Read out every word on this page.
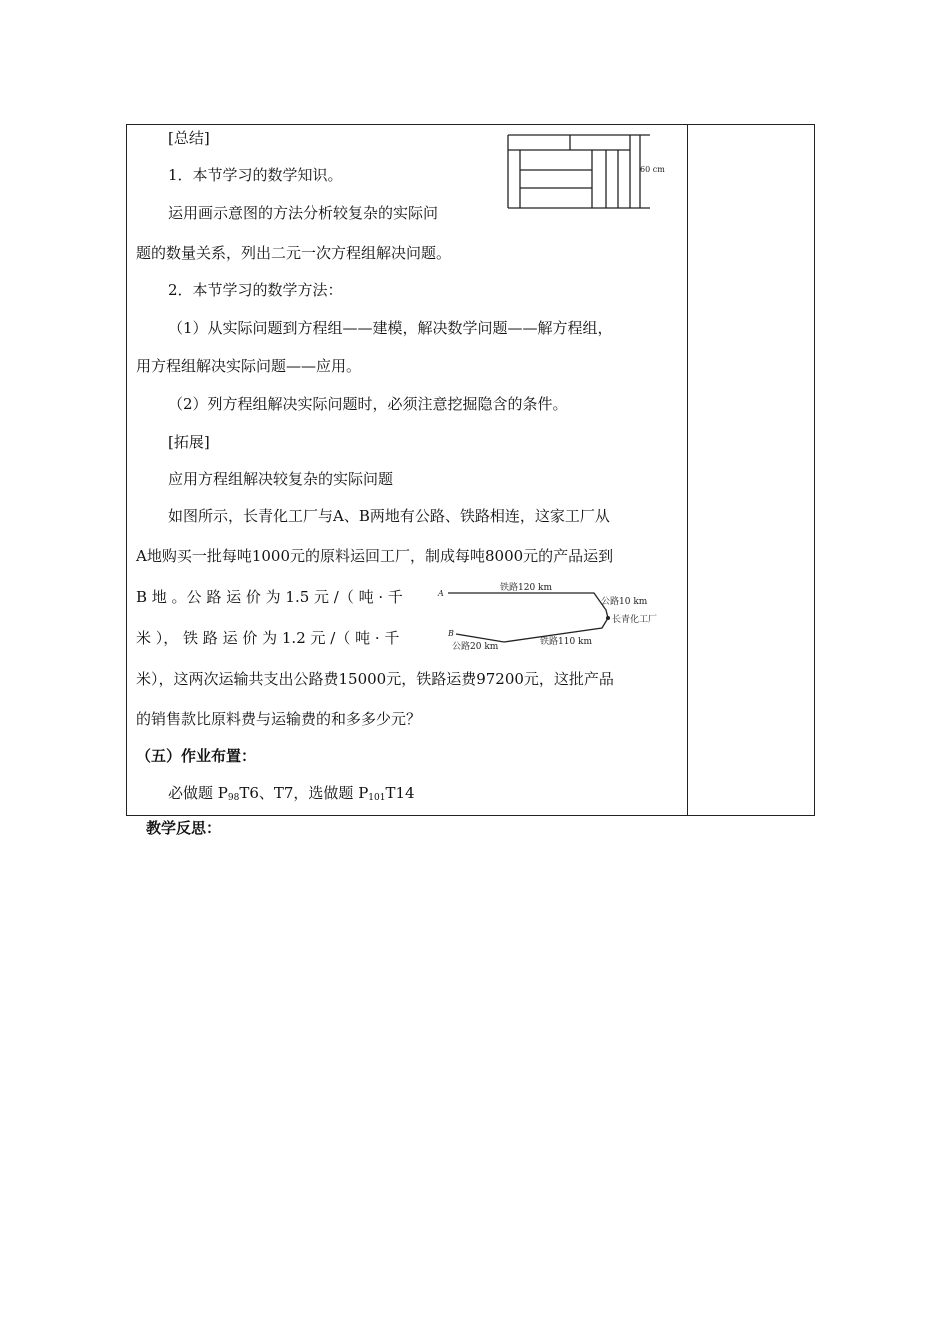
[总结]
1．本节学习的数学知识。
运用画示意图的方法分析较复杂的实际问
题的数量关系，列出二元一次方程组解决问题。
2．本节学习的数学方法：
（1）从实际问题到方程组——建模，解决数学问题——解方程组，
用方程组解决实际问题——应用。
（2）列方程组解决实际问题时，必须注意挖掘隐含的条件。
60 cm
[拓展]
应用方程组解决较复杂的实际问题
如图所示，长青化工厂与A、B两地有公路、铁路相连，这家工厂从
A地购买一批每吨1000元的原料运回工厂，制成每吨8000元的产品运到
B 地 。公 路 运 价 为 1.5 元 /（ 吨 · 千
米 ）， 铁 路 运 价 为 1.2 元 /（ 吨 · 千
米），这两次运输共支出公路费15000元，铁路运费97200元，这批产品
的销售款比原料费与运输费的和多多少元？
A
B
铁路120 km
公路10 km
长青化工厂
公路20 km	铁路110 km
（五）作业布置：
必做题 $P_{98}T6$、T7，选做题 $P_{101}T14$
教学反思：
